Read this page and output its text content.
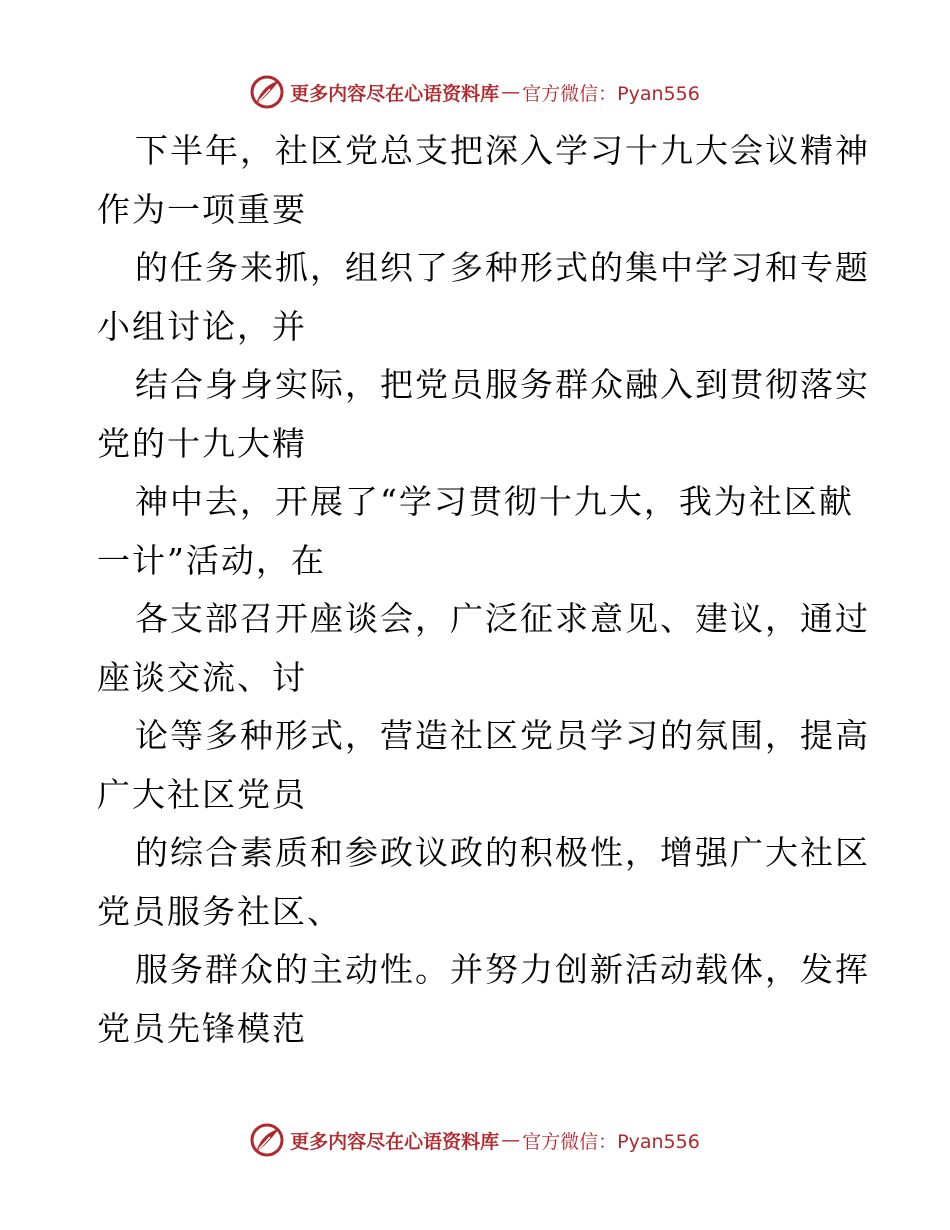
更多内容尽在心语资料库 — 官方微信：Pyan556
下半年，社区党总支把深入学习十九大会议精神
作为一项重要
的任务来抓，组织了多种形式的集中学习和专题
小组讨论，并
结合身身实际，把党员服务群众融入到贯彻落实
党的十九大精
神中去，开展了“学习贯彻十九大，我为社区献
一计”活动，在
各支部召开座谈会，广泛征求意见、建议，通过
座谈交流、讨
论等多种形式，营造社区党员学习的氛围，提高
广大社区党员
的综合素质和参政议政的积极性，增强广大社区
党员服务社区、
服务群众的主动性。并努力创新活动载体，发挥
党员先锋模范
更多内容尽在心语资料库 — 官方微信：Pyan556
